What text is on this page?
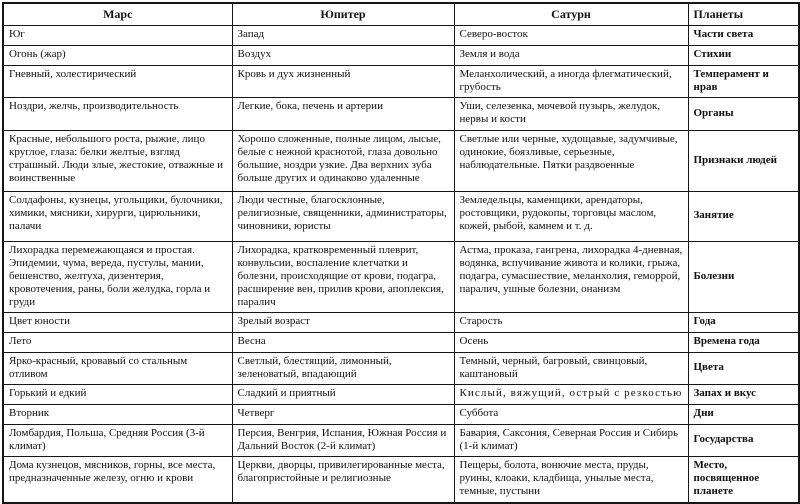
Марс	Юпитер	Сатурн	Планеты
Юг	Запад	Северо-восток	Части света
Огонь (жар)	Воздух	Земля и вода	Стихии
Гневный, холестирический	Кровь и дух жизненный	Меланхолический, а иногда флегматический, грубость	Темперамент и нрав
Ноздри, желчь, производительность	Легкие, бока, печень и артерии	Уши, селезенка, мочевой пузырь, желудок, нервы и кости	Органы
Красные, небольшого роста, рыжие, лицо круглое, глаза: белки желтые, взгляд страшный. Люди злые, жестокие, отважные и воинственные	Хорошо сложенные, полные лицом, лысые, белые с нежной краснотой, глаза довольно большие, ноздри узкие. Два верхних зуба больше других и одинаково удаленные	Светлые или черные, худощавые, задумчивые, одинокие, боязливые, серьезные, наблюдательные. Пятки раздвоенные	Признаки людей
Солдафоны, кузнецы, угольщики, булочники, химики, мясники, хирурги, цирюльники, палачи	Люди честные, благосклонные, религиозные, священники, администраторы, чиновники, юристы	Земледельцы, каменщики, арендаторы, ростовщики, рудокопы, торговцы маслом, кожей, рыбой, камнем и т. д.	Занятие
Лихорадка перемежающаяся и простая. Эпидемии, чума, вереда, пустулы, мании, бешенство, желтуха, дизентерия, кровотечения, раны, боли желудка, горла и груди	Лихорадка, кратковременный плеврит, конвульсии, воспаление клетчатки и болезни, происходящие от крови, подагра, расширение вен, прилив крови, апоплексия, паралич	Астма, проказа, гангрена, лихорадка 4-дневная, водянка, вспучивание живота и колики, грыжа, подагра, сумасшествие, меланхолия, геморрой, паралич, ушные болезни, онанизм	Болезни
Цвет юности	Зрелый возраст	Старость	Года
Лето	Весна	Осень	Времена года
Ярко-красный, кровавый со стальным отливом	Светлый, блестящий, лимонный, зеленоватый, впадающий	Темный, черный, багровый, свинцовый, каштановый	Цвета
Горький и едкий	Сладкий и приятный	Кислый, вяжущий, острый с резкостью	Запах и вкус
Вторник	Четверг	Суббота	Дни
Ломбардия, Польша, Средняя Россия (3-й климат)	Персия, Венгрия, Испания, Южная Россия и Дальний Восток (2-й климат)	Бавария, Саксония, Северная Россия и Сибирь (1-й климат)	Государства
Дома кузнецов, мясников, горны, все места, предназначенные железу, огню и крови	Церкви, дворцы, привилегированные места, благопристойные и религиозные	Пещеры, болота, вонючие места, пруды, руины, клоаки, кладбища, унылые места, темные, пустыни	Место, посвященное планете
